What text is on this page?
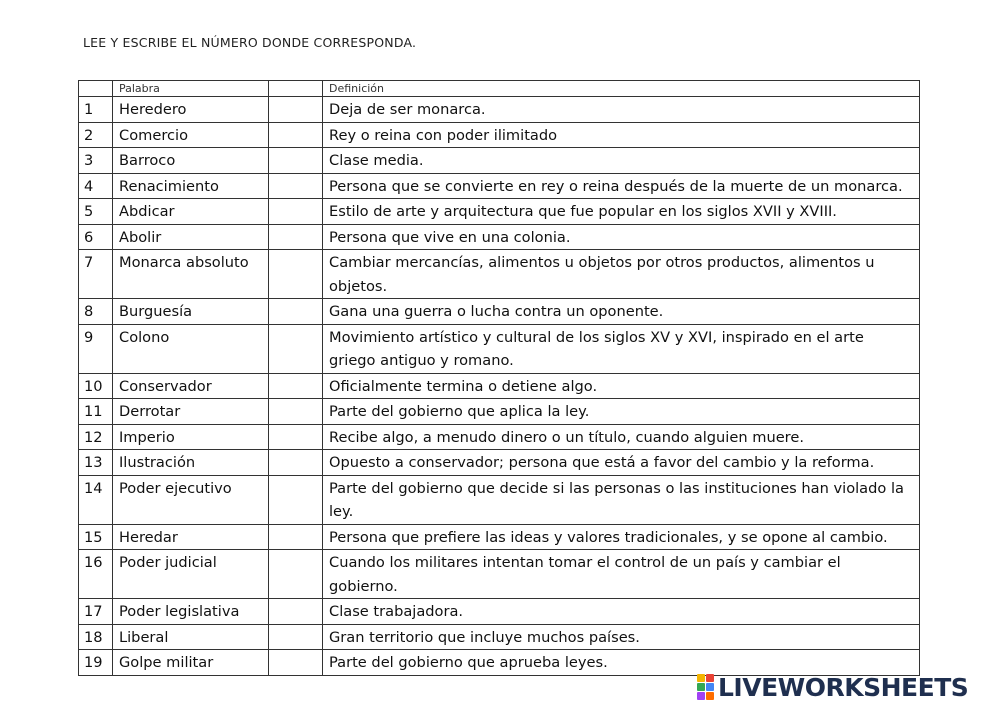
LEE Y ESCRIBE EL NÚMERO DONDE CORRESPONDA.
	Palabra		Definición
1	Heredero		Deja de ser monarca.
2	Comercio		Rey o reina con poder ilimitado
3	Barroco		Clase media.
4	Renacimiento		Persona que se convierte en rey o reina después de la muerte de un monarca.
5	Abdicar		Estilo de arte y arquitectura que fue popular en los siglos XVII y XVIII.
6	Abolir		Persona que vive en una colonia.
7	Monarca absoluto		Cambiar mercancías, alimentos u objetos por otros productos, alimentos u objetos.
8	Burguesía		Gana una guerra o lucha contra un oponente.
9	Colono		Movimiento artístico y cultural de los siglos XV y XVI, inspirado en el arte griego antiguo y romano.
10	Conservador		Oficialmente termina o detiene algo.
11	Derrotar		Parte del gobierno que aplica la ley.
12	Imperio		Recibe algo, a menudo dinero o un título, cuando alguien muere.
13	Ilustración		Opuesto a conservador; persona que está a favor del cambio y la reforma.
14	Poder ejecutivo		Parte del gobierno que decide si las personas o las instituciones han violado la ley.
15	Heredar		Persona que prefiere las ideas y valores tradicionales, y se opone al cambio.
16	Poder judicial		Cuando los militares intentan tomar el control de un país y cambiar el gobierno.
17	Poder legislativa		Clase trabajadora.
18	Liberal		Gran territorio que incluye muchos países.
19	Golpe militar		Parte del gobierno que aprueba leyes.
LIVEWORKSHEETS
